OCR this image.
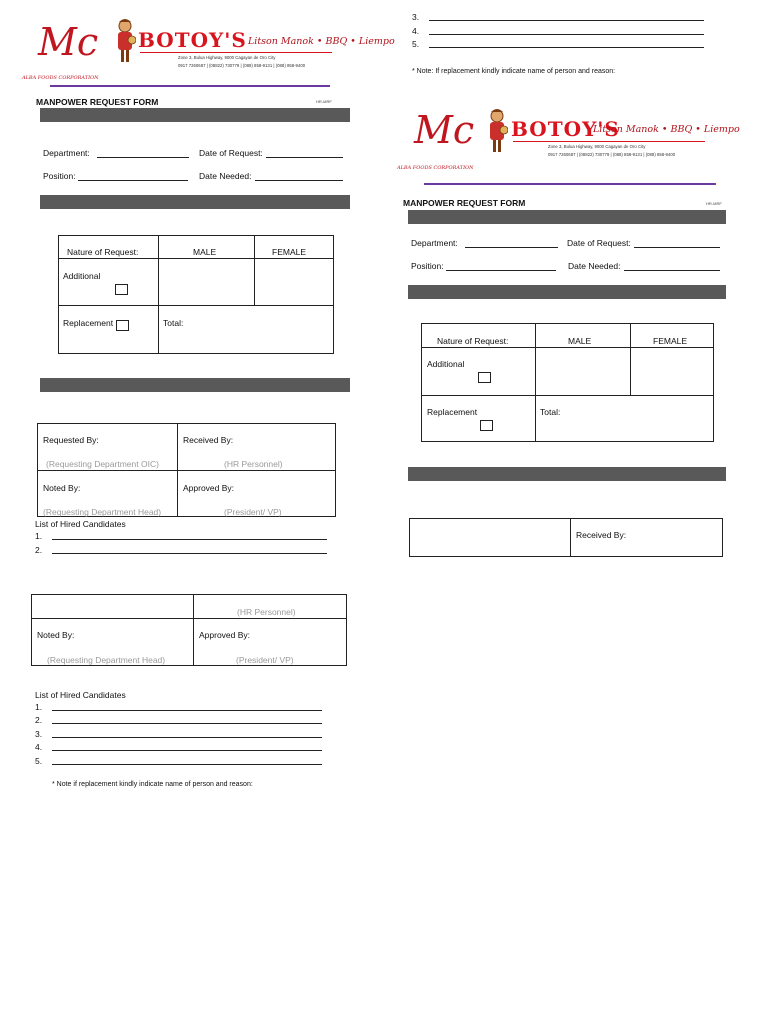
Mc
ALBA FOODS CORPORATION
BOTOY'S Litson Manok • BBQ • Liempo
Zone 3, Bulua Highway, 9000 Cagayan de Oro City
0917 7260687 | (08822) 730779 | (088) 858-9131 | (088) 858-9400
MANPOWER REQUEST FORM	HR-MRF
Department:	Date of Request:
Position:	Date Needed:
Nature of Request:	MALE	FEMALE
Additional
Replacement	Total:
Requested By:	Received By:
(Requesting Department OIC)	(HR Personnel)
Noted By:	Approved By:
(Requesting Department Head)	(President/ VP)
List of Hired Candidates
1.
2.
(HR Personnel)
Noted By:	Approved By:
(Requesting Department Head)	(President/ VP)
List of Hired Candidates
1.
2.
3.
4.
5.
* Note if replacement kindly indicate name of person and reason:
3.
4.
5.
* Note: If replacement kindly indicate name of person and reason:
Mc
ALBA FOODS CORPORATION
BOTOY'S
Litson Manok • BBQ • Liempo
Zone 3, Bulua Highway, 9000 Cagayan de Oro City
0917 7260687 | (08822) 730779 | (088) 858-9131 | (088) 858-9400
MANPOWER REQUEST FORM	HR-MRF
Department:	Date of Request:
Position:	Date Needed:
Nature of Request:	MALE	FEMALE
Additional
Replacement	Total:
Received By:
